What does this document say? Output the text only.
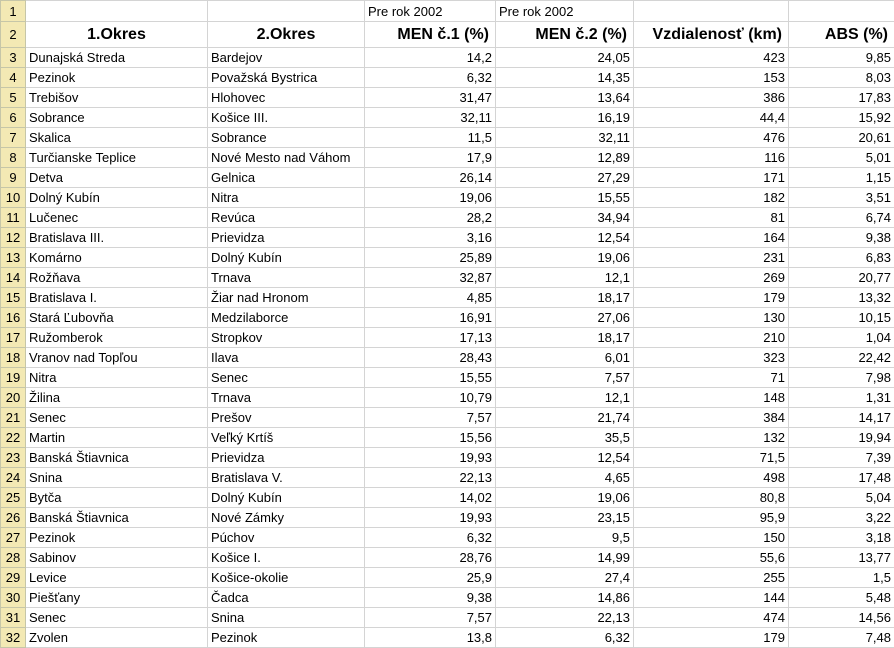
1			Pre rok 2002	Pre rok 2002		
2	1.Okres	2.Okres	MEN č.1 (%)	MEN č.2 (%)	Vzdialenosť (km)	ABS (%)
3	Dunajská Streda	Bardejov	14,2	24,05	423	9,85
4	Pezinok	Považská Bystrica	6,32	14,35	153	8,03
5	Trebišov	Hlohovec	31,47	13,64	386	17,83
6	Sobrance	Košice III.	32,11	16,19	44,4	15,92
7	Skalica	Sobrance	11,5	32,11	476	20,61
8	Turčianske Teplice	Nové Mesto nad Váhom	17,9	12,89	116	5,01
9	Detva	Gelnica	26,14	27,29	171	1,15
10	Dolný Kubín	Nitra	19,06	15,55	182	3,51
11	Lučenec	Revúca	28,2	34,94	81	6,74
12	Bratislava III.	Prievidza	3,16	12,54	164	9,38
13	Komárno	Dolný Kubín	25,89	19,06	231	6,83
14	Rožňava	Trnava	32,87	12,1	269	20,77
15	Bratislava I.	Žiar nad Hronom	4,85	18,17	179	13,32
16	Stará Ľubovňa	Medzilaborce	16,91	27,06	130	10,15
17	Ružomberok	Stropkov	17,13	18,17	210	1,04
18	Vranov nad Topľou	Ilava	28,43	6,01	323	22,42
19	Nitra	Senec	15,55	7,57	71	7,98
20	Žilina	Trnava	10,79	12,1	148	1,31
21	Senec	Prešov	7,57	21,74	384	14,17
22	Martin	Veľký Krtíš	15,56	35,5	132	19,94
23	Banská Štiavnica	Prievidza	19,93	12,54	71,5	7,39
24	Snina	Bratislava V.	22,13	4,65	498	17,48
25	Bytča	Dolný Kubín	14,02	19,06	80,8	5,04
26	Banská Štiavnica	Nové Zámky	19,93	23,15	95,9	3,22
27	Pezinok	Púchov	6,32	9,5	150	3,18
28	Sabinov	Košice I.	28,76	14,99	55,6	13,77
29	Levice	Košice-okolie	25,9	27,4	255	1,5
30	Piešťany	Čadca	9,38	14,86	144	5,48
31	Senec	Snina	7,57	22,13	474	14,56
32	Zvolen	Pezinok	13,8	6,32	179	7,48
